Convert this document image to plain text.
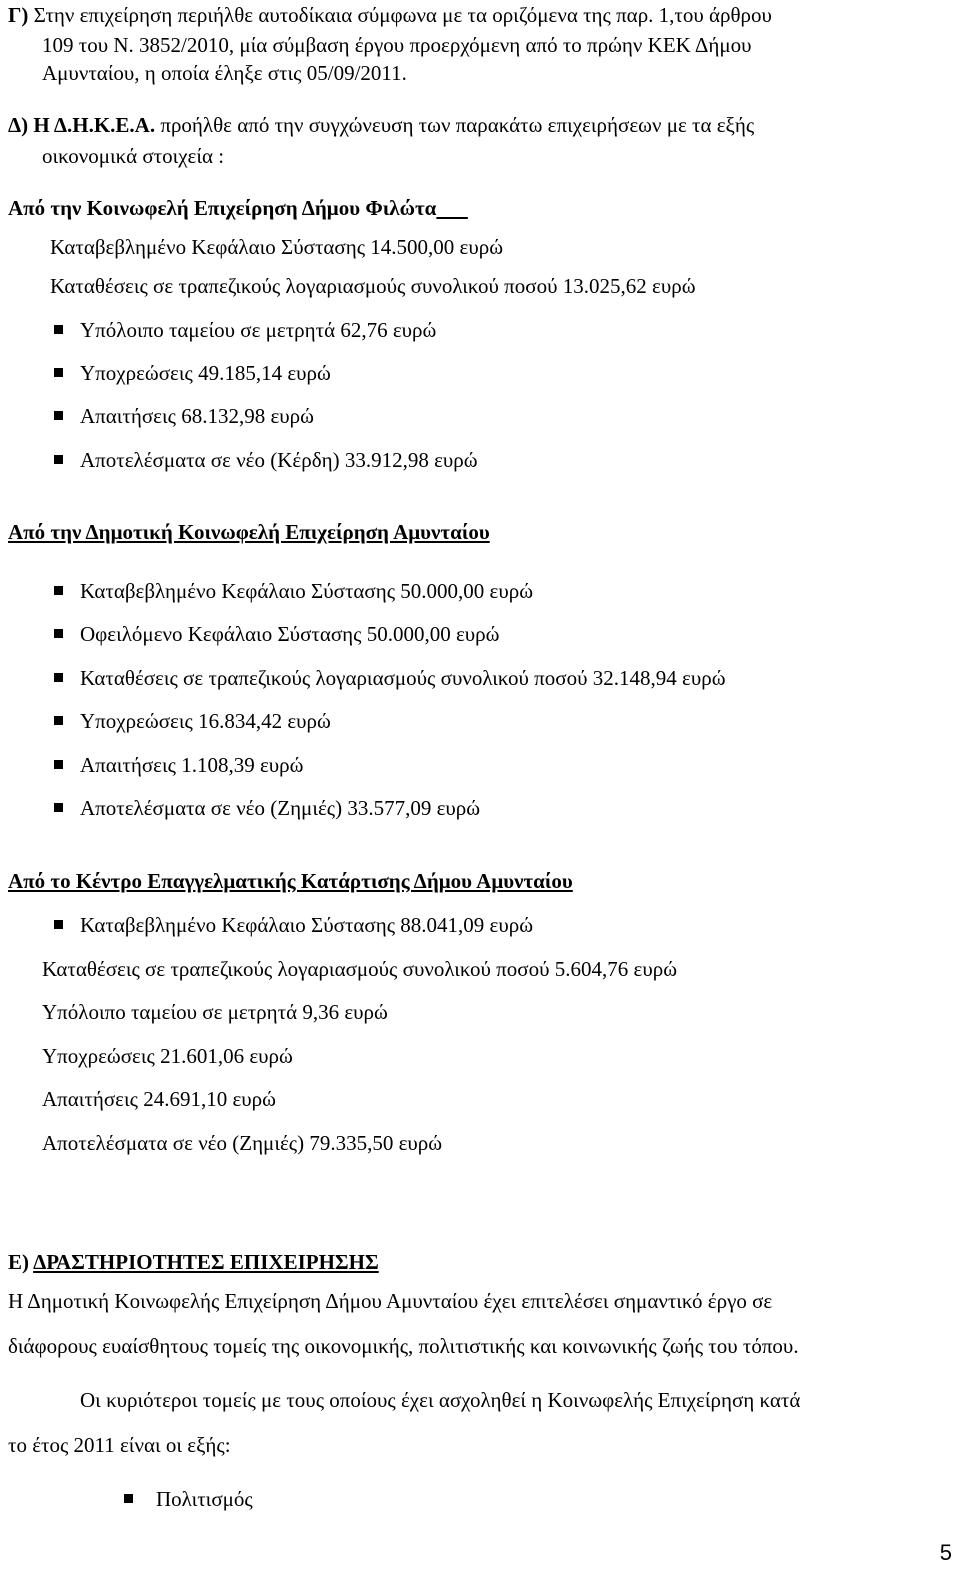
Γ) Στην επιχείρηση περιήλθε αυτοδίκαια σύμφωνα με τα οριζόμενα της παρ. 1,του άρθρου
109 του Ν. 3852/2010, μία σύμβαση έργου προερχόμενη από το πρώην ΚΕΚ Δήμου
Αμυνταίου, η οποία έληξε στις 05/09/2011.
Δ) Η Δ.Η.Κ.Ε.Α. προήλθε από την συγχώνευση των παρακάτω επιχειρήσεων με τα εξής
οικονομικά στοιχεία :
Από την Κοινωφελή Επιχείρηση Δήμου Φιλώτα
Καταβεβλημένο Κεφάλαιο Σύστασης 14.500,00 ευρώ
Καταθέσεις σε τραπεζικούς λογαριασμούς συνολικού ποσού 13.025,62 ευρώ
Υπόλοιπο ταμείου σε μετρητά 62,76 ευρώ
Υποχρεώσεις 49.185,14 ευρώ
Απαιτήσεις 68.132,98 ευρώ
Αποτελέσματα σε νέο (Κέρδη) 33.912,98 ευρώ
Από την Δημοτική Κοινωφελή Επιχείρηση Αμυνταίου
Καταβεβλημένο Κεφάλαιο Σύστασης 50.000,00 ευρώ
Οφειλόμενο Κεφάλαιο Σύστασης 50.000,00 ευρώ
Καταθέσεις σε τραπεζικούς λογαριασμούς συνολικού ποσού 32.148,94 ευρώ
Υποχρεώσεις 16.834,42 ευρώ
Απαιτήσεις 1.108,39 ευρώ
Αποτελέσματα σε νέο (Ζημιές) 33.577,09 ευρώ
Από το Κέντρο Επαγγελματικής Κατάρτισης Δήμου Αμυνταίου
Καταβεβλημένο Κεφάλαιο Σύστασης 88.041,09 ευρώ
Καταθέσεις σε τραπεζικούς λογαριασμούς συνολικού ποσού 5.604,76 ευρώ
Υπόλοιπο ταμείου σε μετρητά 9,36 ευρώ
Υποχρεώσεις 21.601,06 ευρώ
Απαιτήσεις 24.691,10 ευρώ
Αποτελέσματα σε νέο (Ζημιές) 79.335,50 ευρώ
Ε) ΔΡΑΣΤΗΡΙΟΤΗΤΕΣ ΕΠΙΧΕΙΡΗΣΗΣ
Η Δημοτική Κοινωφελής Επιχείρηση Δήμου Αμυνταίου έχει επιτελέσει σημαντικό έργο σε
διάφορους ευαίσθητους τομείς της οικονομικής, πολιτιστικής και κοινωνικής ζωής του τόπου.
Οι κυριότεροι τομείς με τους οποίους έχει ασχοληθεί η Κοινωφελής Επιχείρηση κατά
το έτος 2011 είναι οι εξής:
Πολιτισμός
5
